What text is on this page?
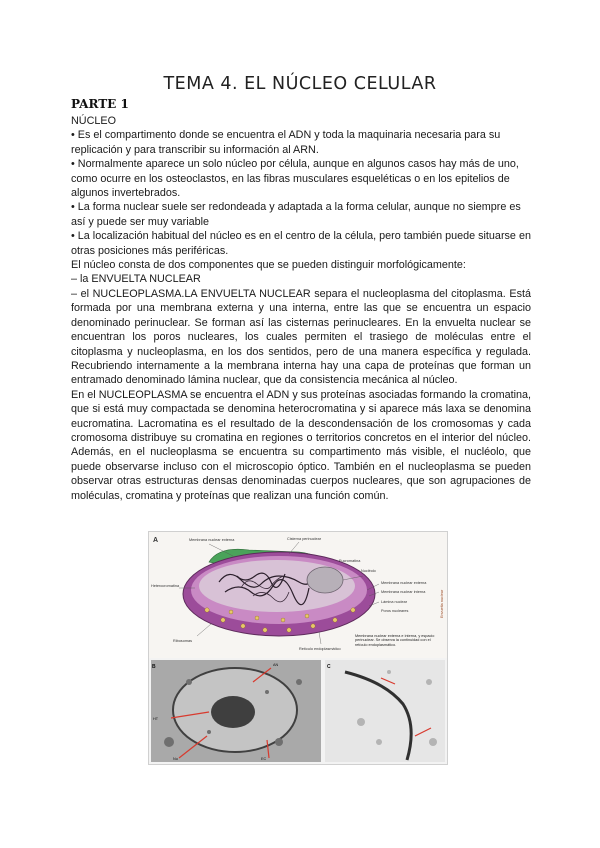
TEMA 4. EL NÚCLEO CELULAR
PARTE 1

NÚCLEO

• Es el compartimento donde se encuentra el ADN y toda la maquinaria necesaria para su replicación y para transcribir su información al ARN.

• Normalmente aparece un solo núcleo por célula, aunque en algunos casos hay más de uno, como ocurre en los osteoclastos, en las fibras musculares esqueléticas o en los epitelios de algunos invertebrados.

• La forma nuclear suele ser redondeada y adaptada a la forma celular, aunque no siempre es así y puede ser muy variable

• La localización habitual del núcleo es en el centro de la célula, pero también puede situarse en otras posiciones más periféricas.

El núcleo consta de dos componentes que se pueden distinguir morfológicamente:

– la ENVUELTA NUCLEAR

– el NUCLEOPLASMA.LA ENVUELTA NUCLEAR separa el nucleoplasma del citoplasma. Está formada por una membrana externa y una interna, entre las que se encuentra un espacio denominado perinuclear. Se forman así las cisternas perinucleares. En la envuelta nuclear se encuentran los poros nucleares, los cuales permiten el trasiego de moléculas entre el citoplasma y nucleoplasma, en los dos sentidos, pero de una manera específica y regulada. Recubriendo internamente a la membrana interna hay una capa de proteínas que forman un entramado denominado lámina nuclear, que da consistencia mecánica al núcleo.

En el NUCLEOPLASMA se encuentra el ADN y sus proteínas asociadas formando la cromatina, que si está muy compactada se denomina heterocromatina y si aparece más laxa se denomina eucromatina. Lacromatina es el resultado de la descondensación de los cromosomas y cada cromosoma distribuye su cromatina en regiones o territorios concretos en el interior del núcleo. Además, en el nucleoplasma se encuentra su compartimento más visible, el nucléolo, que puede observarse incluso con el microscopio óptico. También en el nucleoplasma se pueden observar otras estructuras densas denominadas cuerpos nucleares, que son agrupaciones de moléculas, cromatina y proteínas que realizan una función común.

A	Membrana nuclear externa	Cisterna perinuclear
Heterocromatina
Nucléolo
Eucromatina
Membrana nuclear externa
Membrana nuclear interna
Lámina nuclear
Poros nucleares
Ribosomas
Retículo endoplasmático
Envuelta nuclear
B	AN
HT
Nu	EC
Membrana nuclear externa e interna, y espacio perinuclear. Se observa la continuidad con el retículo endoplasmático.
C
